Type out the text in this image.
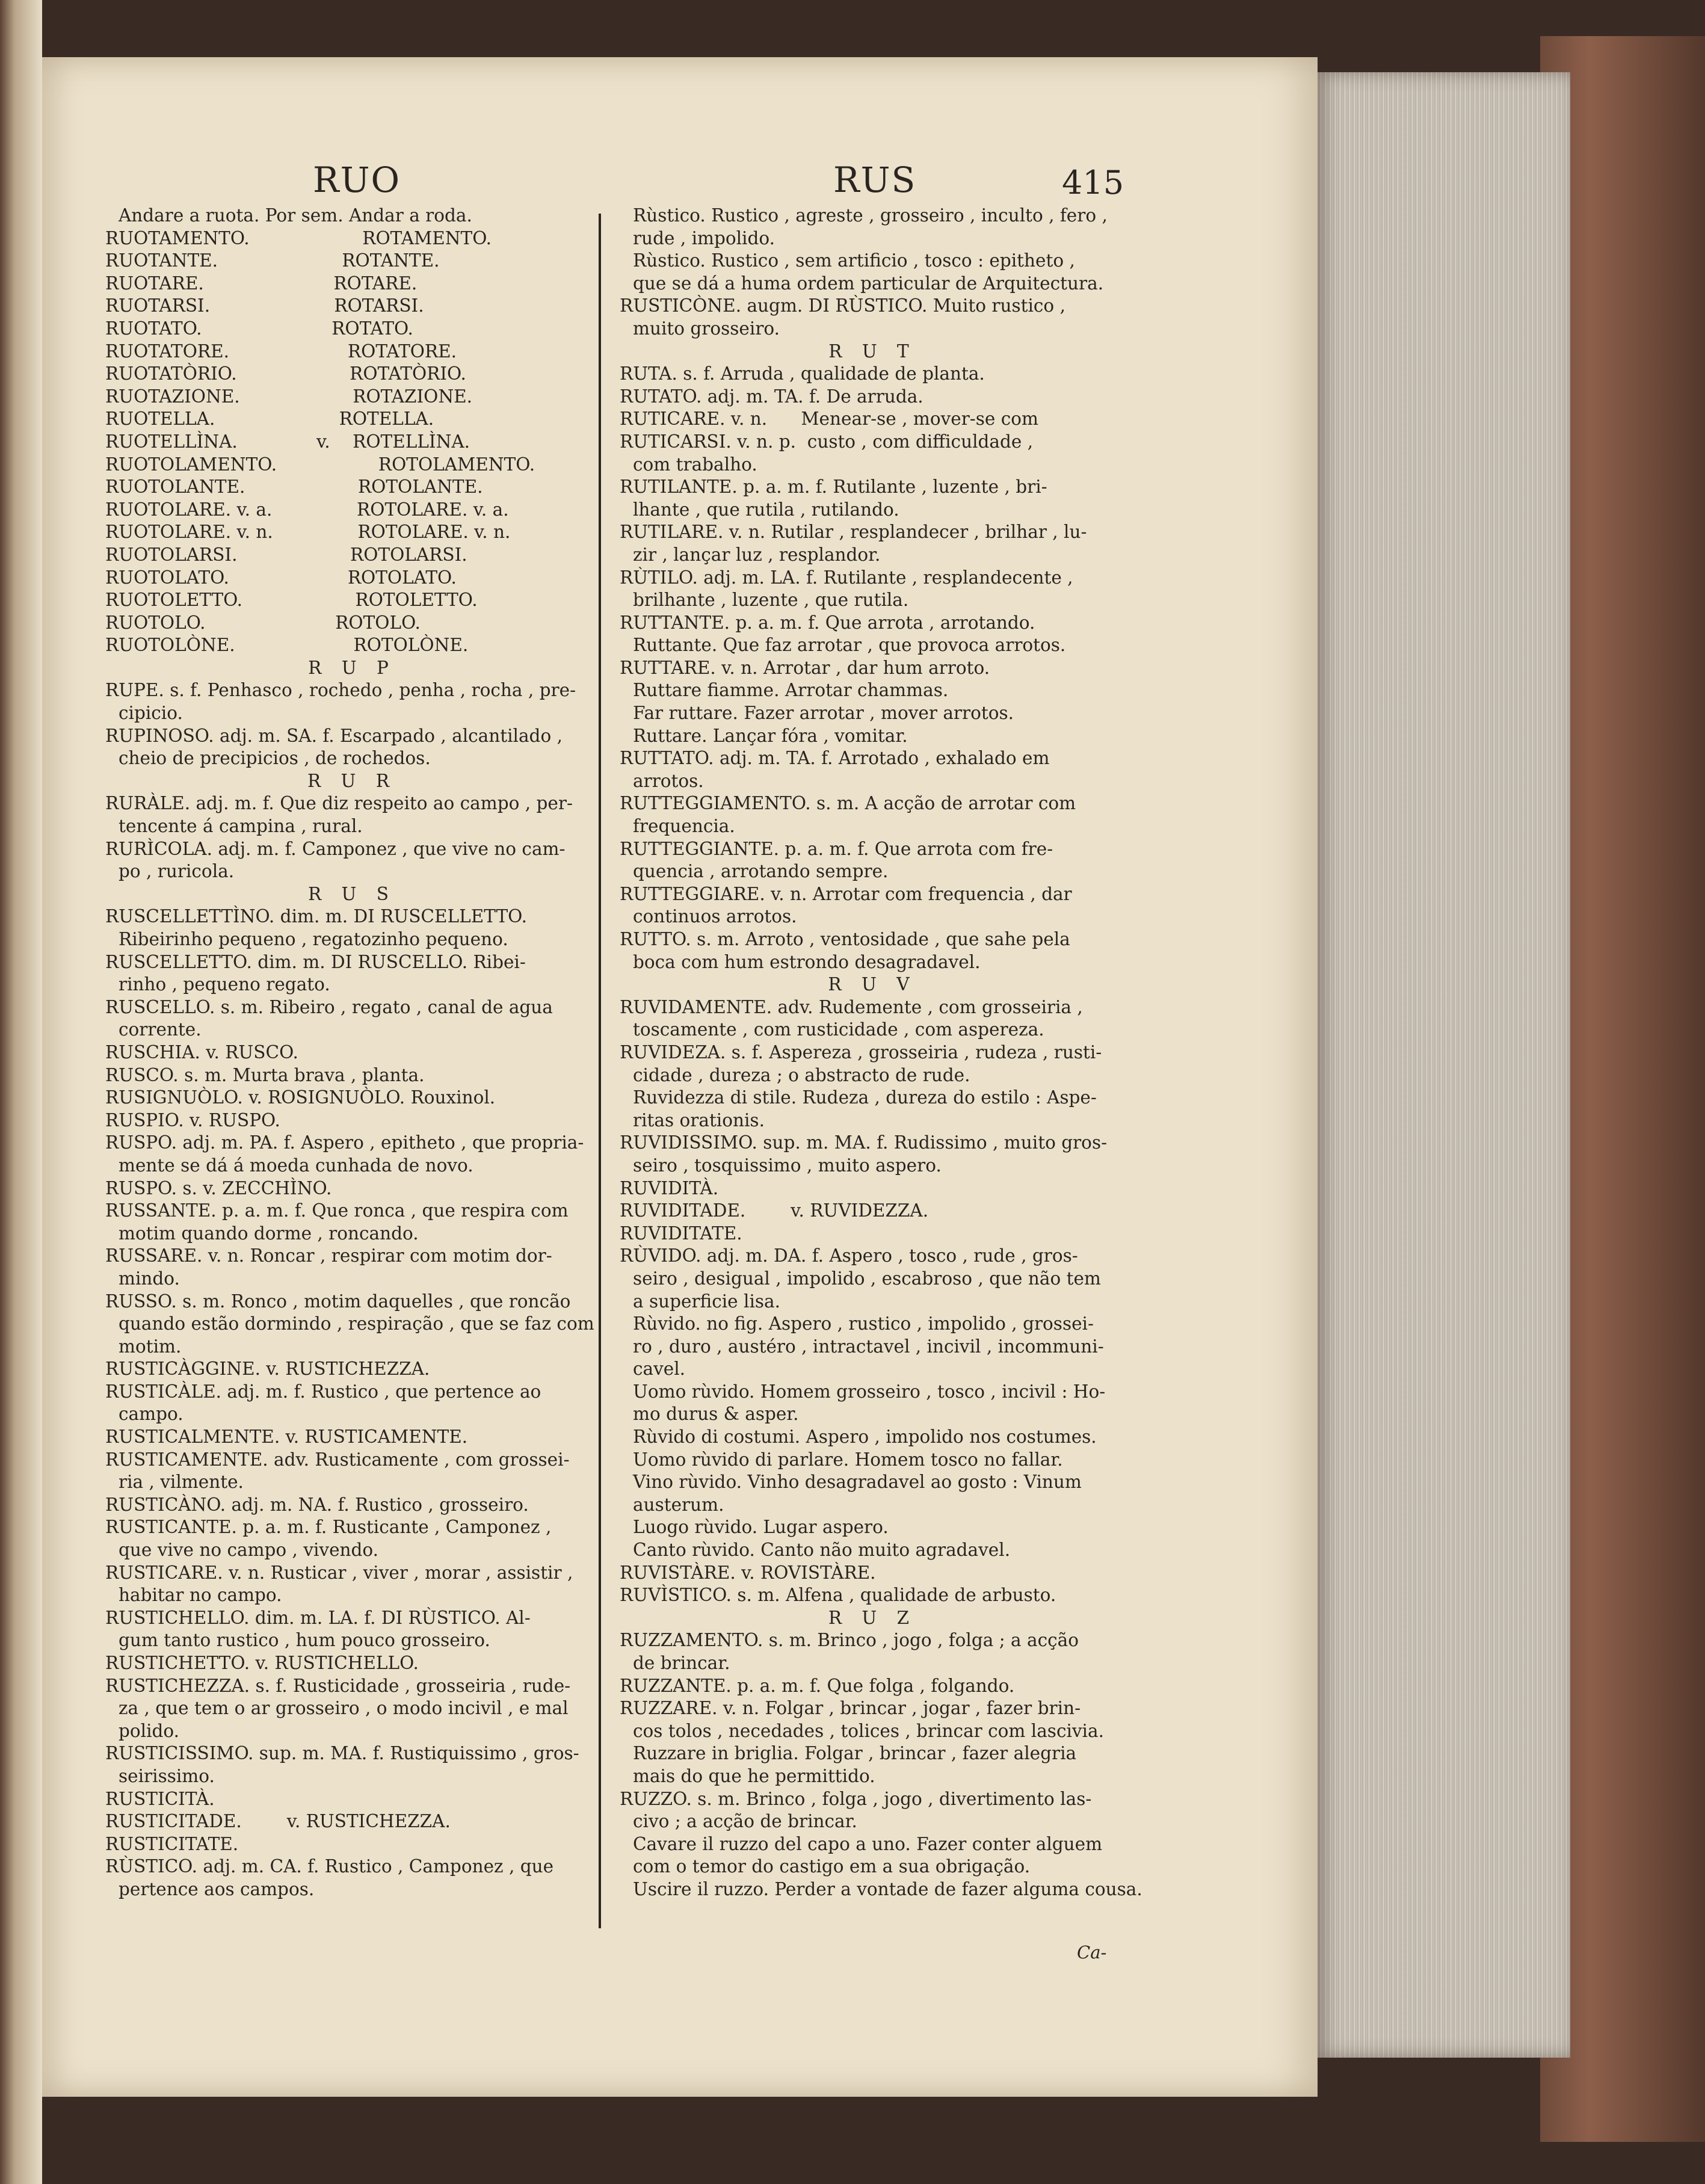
RUO	RUS	415
Andare a ruota. Por sem. Andar a roda.
RUOTAMENTO.                    ROTAMENTO.
RUOTANTE.                      ROTANTE.
RUOTARE.                       ROTARE.
RUOTARSI.                      ROTARSI.
RUOTATO.                       ROTATO.
RUOTATORE.                     ROTATORE.
RUOTATÒRIO.                    ROTATÒRIO.
RUOTAZIONE.                    ROTAZIONE.
RUOTELLA.                      ROTELLA.
RUOTELLÌNA.              v.    ROTELLÌNA.
RUOTOLAMENTO.                  ROTOLAMENTO.
RUOTOLANTE.                    ROTOLANTE.
RUOTOLARE. v. a.               ROTOLARE. v. a.
RUOTOLARE. v. n.               ROTOLARE. v. n.
RUOTOLARSI.                    ROTOLARSI.
RUOTOLATO.                     ROTOLATO.
RUOTOLETTO.                    ROTOLETTO.
RUOTOLO.                       ROTOLO.
RUOTOLÒNE.                     ROTOLÒNE.
R U P
RUPE. s. f. Penhasco , rochedo , penha , rocha , pre-
cipicio.
RUPINOSO. adj. m. SA. f. Escarpado , alcantilado ,
cheio de precipicios , de rochedos.
R U R
RURÀLE. adj. m. f. Que diz respeito ao campo , per-
tencente á campina , rural.
RURÌCOLA. adj. m. f. Camponez , que vive no cam-
po , ruricola.
R U S
RUSCELLETTÌNO. dim. m. DI RUSCELLETTO.
Ribeirinho pequeno , regatozinho pequeno.
RUSCELLETTO. dim. m. DI RUSCELLO. Ribei-
rinho , pequeno regato.
RUSCELLO. s. m. Ribeiro , regato , canal de agua
corrente.
RUSCHIA. v. RUSCO.
RUSCO. s. m. Murta brava , planta.
RUSIGNUÒLO. v. ROSIGNUÒLO. Rouxinol.
RUSPIO. v. RUSPO.
RUSPO. adj. m. PA. f. Aspero , epitheto , que propria-
mente se dá á moeda cunhada de novo.
RUSPO. s. v. ZECCHÌNO.
RUSSANTE. p. a. m. f. Que ronca , que respira com
motim quando dorme , roncando.
RUSSARE. v. n. Roncar , respirar com motim dor-
mindo.
RUSSO. s. m. Ronco , motim daquelles , que roncão
quando estão dormindo , respiração , que se faz com
motim.
RUSTICÀGGINE. v. RUSTICHEZZA.
RUSTICÀLE. adj. m. f. Rustico , que pertence ao
campo.
RUSTICALMENTE. v. RUSTICAMENTE.
RUSTICAMENTE. adv. Rusticamente , com grossei-
ria , vilmente.
RUSTICÀNO. adj. m. NA. f. Rustico , grosseiro.
RUSTICANTE. p. a. m. f. Rusticante , Camponez ,
que vive no campo , vivendo.
RUSTICARE. v. n. Rusticar , viver , morar , assistir ,
habitar no campo.
RUSTICHELLO. dim. m. LA. f. DI RÙSTICO. Al-
gum tanto rustico , hum pouco grosseiro.
RUSTICHETTO. v. RUSTICHELLO.
RUSTICHEZZA. s. f. Rusticidade , grosseiria , rude-
za , que tem o ar grosseiro , o modo incivil , e mal
polido.
RUSTICISSIMO. sup. m. MA. f. Rustiquissimo , gros-
seirissimo.
RUSTICITÀ.
RUSTICITADE.        v. RUSTICHEZZA.
RUSTICITATE.
RÙSTICO. adj. m. CA. f. Rustico , Camponez , que
pertence aos campos.
Rùstico. Rustico , agreste , grosseiro , inculto , fero ,
rude , impolido.
Rùstico. Rustico , sem artificio , tosco : epitheto ,
que se dá a huma ordem particular de Arquitectura.
RUSTICÒNE. augm. DI RÙSTICO. Muito rustico ,
muito grosseiro.
R U T
RUTA. s. f. Arruda , qualidade de planta.
RUTATO. adj. m. TA. f. De arruda.
RUTICARE. v. n.      Menear-se , mover-se com
RUTICARSI. v. n. p.  custo , com difficuldade ,
com trabalho.
RUTILANTE. p. a. m. f. Rutilante , luzente , bri-
lhante , que rutila , rutilando.
RUTILARE. v. n. Rutilar , resplandecer , brilhar , lu-
zir , lançar luz , resplandor.
RÙTILO. adj. m. LA. f. Rutilante , resplandecente ,
brilhante , luzente , que rutila.
RUTTANTE. p. a. m. f. Que arrota , arrotando.
Ruttante. Que faz arrotar , que provoca arrotos.
RUTTARE. v. n. Arrotar , dar hum arroto.
Ruttare fiamme. Arrotar chammas.
Far ruttare. Fazer arrotar , mover arrotos.
Ruttare. Lançar fóra , vomitar.
RUTTATO. adj. m. TA. f. Arrotado , exhalado em
arrotos.
RUTTEGGIAMENTO. s. m. A acção de arrotar com
frequencia.
RUTTEGGIANTE. p. a. m. f. Que arrota com fre-
quencia , arrotando sempre.
RUTTEGGIARE. v. n. Arrotar com frequencia , dar
continuos arrotos.
RUTTO. s. m. Arroto , ventosidade , que sahe pela
boca com hum estrondo desagradavel.
R U V
RUVIDAMENTE. adv. Rudemente , com grosseiria ,
toscamente , com rusticidade , com aspereza.
RUVIDEZA. s. f. Aspereza , grosseiria , rudeza , rusti-
cidade , dureza ; o abstracto de rude.
Ruvidezza di stile. Rudeza , dureza do estilo : Aspe-
ritas orationis.
RUVIDISSIMO. sup. m. MA. f. Rudissimo , muito gros-
seiro , tosquissimo , muito aspero.
RUVIDITÀ.
RUVIDITADE.        v. RUVIDEZZA.
RUVIDITATE.
RÙVIDO. adj. m. DA. f. Aspero , tosco , rude , gros-
seiro , desigual , impolido , escabroso , que não tem
a superficie lisa.
Rùvido. no fig. Aspero , rustico , impolido , grossei-
ro , duro , austéro , intractavel , incivil , incommuni-
cavel.
Uomo rùvido. Homem grosseiro , tosco , incivil : Ho-
mo durus & asper.
Rùvido di costumi. Aspero , impolido nos costumes.
Uomo rùvido di parlare. Homem tosco no fallar.
Vino rùvido. Vinho desagradavel ao gosto : Vinum
austerum.
Luogo rùvido. Lugar aspero.
Canto rùvido. Canto não muito agradavel.
RUVISTÀRE. v. ROVISTÀRE.
RUVÌSTICO. s. m. Alfena , qualidade de arbusto.
R U Z
RUZZAMENTO. s. m. Brinco , jogo , folga ; a acção
de brincar.
RUZZANTE. p. a. m. f. Que folga , folgando.
RUZZARE. v. n. Folgar , brincar , jogar , fazer brin-
cos tolos , necedades , tolices , brincar com lascivia.
Ruzzare in briglia. Folgar , brincar , fazer alegria
mais do que he permittido.
RUZZO. s. m. Brinco , folga , jogo , divertimento las-
civo ; a acção de brincar.
Cavare il ruzzo del capo a uno. Fazer conter alguem
com o temor do castigo em a sua obrigação.
Uscire il ruzzo. Perder a vontade de fazer alguma cousa.
Ca-
